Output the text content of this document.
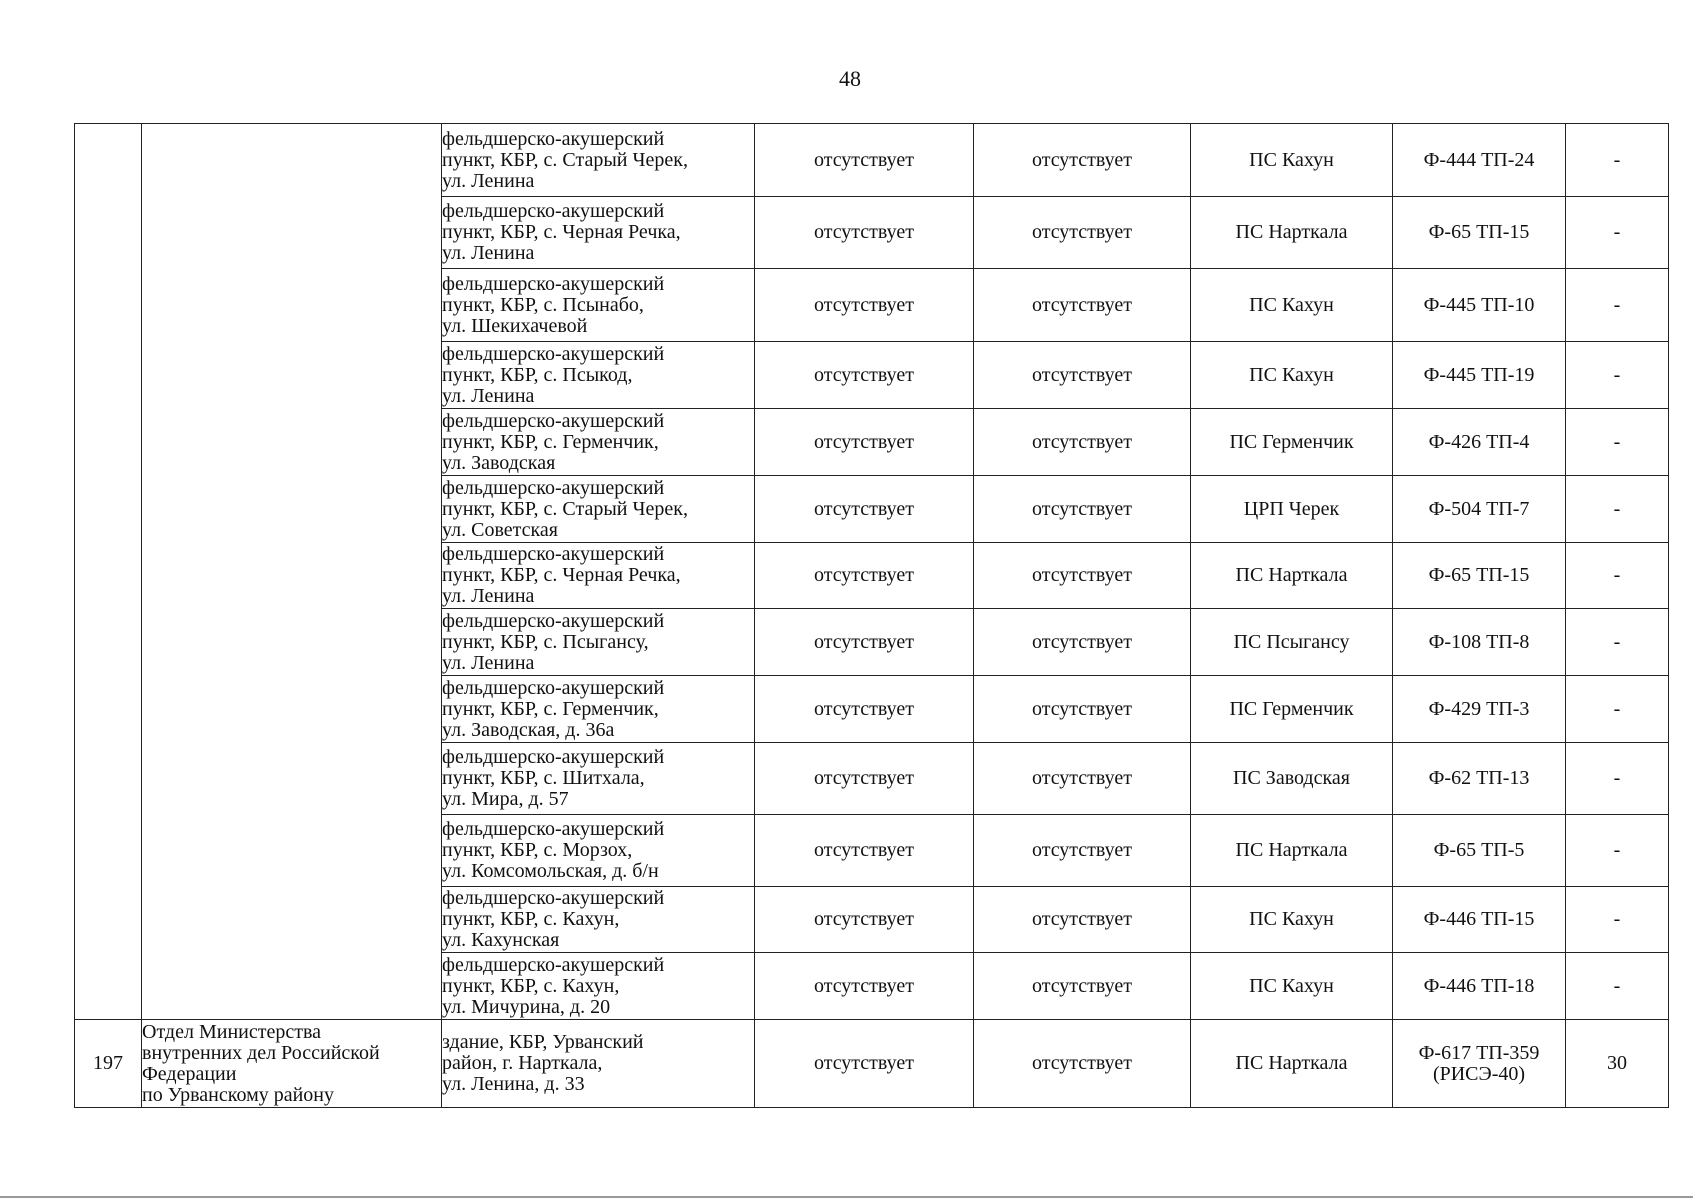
48

		фельдшерско-акушерский
пункт, КБР, с. Старый Черек,
ул. Ленина	отсутствует	отсутствует	ПС Кахун	Ф-444 ТП-24	-

		фельдшерско-акушерский
пункт, КБР, с. Черная Речка,
ул. Ленина	отсутствует	отсутствует	ПС Нарткала	Ф-65 ТП-15	-

		фельдшерско-акушерский
пункт, КБР, с. Псынабо,
ул. Шекихачевой	отсутствует	отсутствует	ПС Кахун	Ф-445 ТП-10	-

		фельдшерско-акушерский
пункт, КБР, с. Псыкод,
ул. Ленина	отсутствует	отсутствует	ПС Кахун	Ф-445 ТП-19	-

		фельдшерско-акушерский
пункт, КБР, с. Герменчик,
ул. Заводская	отсутствует	отсутствует	ПС Герменчик	Ф-426 ТП-4	-

		фельдшерско-акушерский
пункт, КБР, с. Старый Черек,
ул. Советская	отсутствует	отсутствует	ЦРП Черек	Ф-504 ТП-7	-

		фельдшерско-акушерский
пункт, КБР, с. Черная Речка,
ул. Ленина	отсутствует	отсутствует	ПС Нарткала	Ф-65 ТП-15	-

		фельдшерско-акушерский
пункт, КБР, с. Псыгансу,
ул. Ленина	отсутствует	отсутствует	ПС Псыгансу	Ф-108 ТП-8	-

		фельдшерско-акушерский
пункт, КБР, с. Герменчик,
ул. Заводская, д. 36а	отсутствует	отсутствует	ПС Герменчик	Ф-429 ТП-3	-

		фельдшерско-акушерский
пункт, КБР, с. Шитхала,
ул. Мира, д. 57	отсутствует	отсутствует	ПС Заводская	Ф-62 ТП-13	-

		фельдшерско-акушерский
пункт, КБР, с. Морзох,
ул. Комсомольская, д. б/н	отсутствует	отсутствует	ПС Нарткала	Ф-65 ТП-5	-

		фельдшерско-акушерский
пункт, КБР, с. Кахун,
ул. Кахунская	отсутствует	отсутствует	ПС Кахун	Ф-446 ТП-15	-

		фельдшерско-акушерский
пункт, КБР, с. Кахун,
ул. Мичурина, д. 20	отсутствует	отсутствует	ПС Кахун	Ф-446 ТП-18	-
197	Отдел Министерства
внутренних дел Российской
Федерации
по Урванскому району	здание, КБР, Урванский
район, г. Нарткала,
ул. Ленина, д. 33	отсутствует	отсутствует	ПС Нарткала	Ф-617 ТП-359
(РИСЭ-40)	30
